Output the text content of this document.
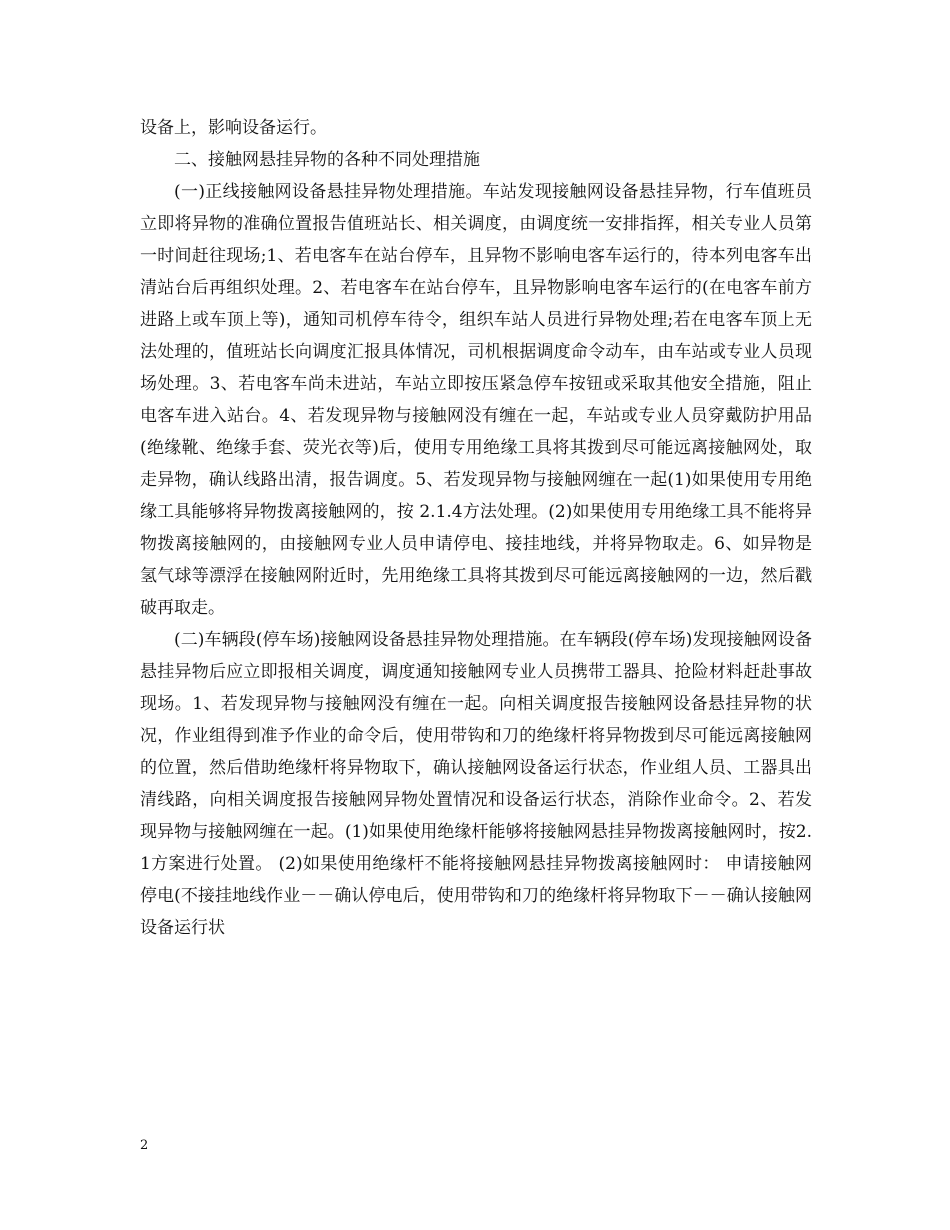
设备上，影响设备运行。

二、接触网悬挂异物的各种不同处理措施

(一)正线接触网设备悬挂异物处理措施。车站发现接触网设备悬挂异物，行车值班员立即将异物的准确位置报告值班站长、相关调度，由调度统一安排指挥，相关专业人员第一时间赶往现场;1、若电客车在站台停车，且异物不影响电客车运行的，待本列电客车出清站台后再组织处理。2、若电客车在站台停车，且异物影响电客车运行的(在电客车前方进路上或车顶上等)，通知司机停车待令，组织车站人员进行异物处理;若在电客车顶上无法处理的，值班站长向调度汇报具体情况，司机根据调度命令动车，由车站或专业人员现场处理。3、若电客车尚未进站，车站立即按压紧急停车按钮或采取其他安全措施，阻止电客车进入站台。4、若发现异物与接触网没有缠在一起，车站或专业人员穿戴防护用品(绝缘靴、绝缘手套、荧光衣等)后，使用专用绝缘工具将其拨到尽可能远离接触网处，取走异物，确认线路出清，报告调度。5、若发现异物与接触网缠在一起(1)如果使用专用绝缘工具能够将异物拨离接触网的，按 2.1.4方法处理。(2)如果使用专用绝缘工具不能将异物拨离接触网的，由接触网专业人员申请停电、接挂地线，并将异物取走。6、如异物是氢气球等漂浮在接触网附近时，先用绝缘工具将其拨到尽可能远离接触网的一边，然后戳破再取走。

(二)车辆段(停车场)接触网设备悬挂异物处理措施。在车辆段(停车场)发现接触网设备悬挂异物后应立即报相关调度，调度通知接触网专业人员携带工器具、抢险材料赶赴事故现场。1、若发现异物与接触网没有缠在一起。向相关调度报告接触网设备悬挂异物的状况，作业组得到准予作业的命令后，使用带钩和刀的绝缘杆将异物拨到尽可能远离接触网的位置，然后借助绝缘杆将异物取下，确认接触网设备运行状态，作业组人员、工器具出清线路，向相关调度报告接触网异物处置情况和设备运行状态，消除作业命令。2、若发现异物与接触网缠在一起。(1)如果使用绝缘杆能够将接触网悬挂异物拨离接触网时，按2.1方案进行处置。 (2)如果使用绝缘杆不能将接触网悬挂异物拨离接触网时： 申请接触网停电(不接挂地线作业－－确认停电后，使用带钩和刀的绝缘杆将异物取下－－确认接触网设备运行状

2
